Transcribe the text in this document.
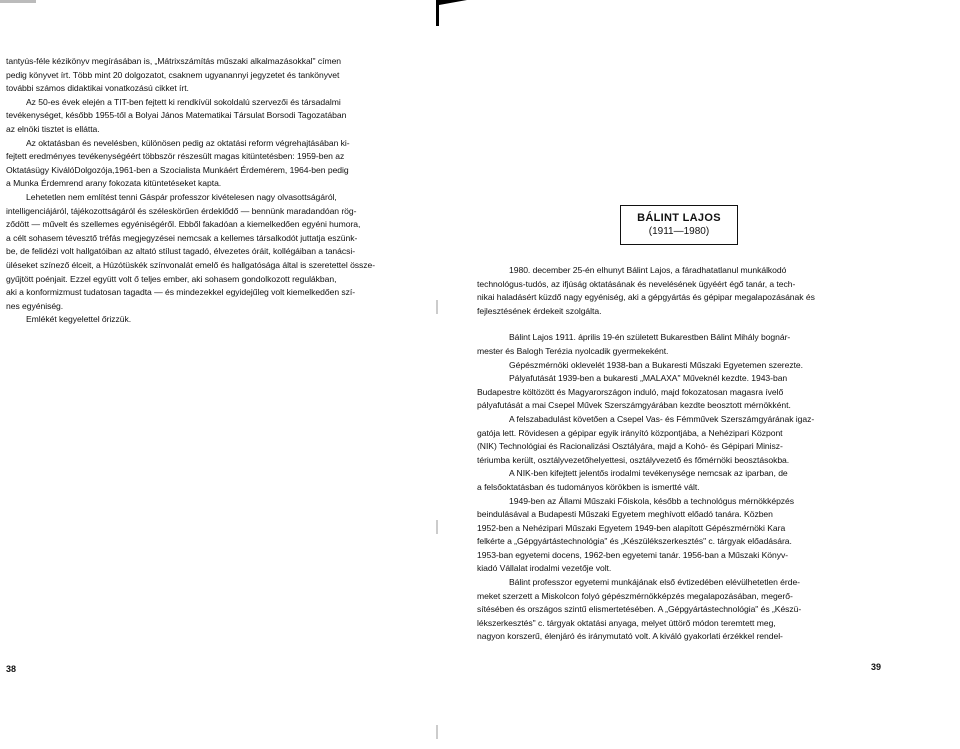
tantyús-féle kézikönyv megírásában is, „Mátrixszámítás műszaki alkalmazásokkal" címen

pedig könyvet írt. Több mint 20 dolgozatot, csaknem ugyanannyi jegyzetet és tankönyvet

további számos didaktikai vonatkozású cikket írt.

Az 50-es évek elején a TIT-ben fejtett ki rendkívül sokoldalú szervezői és társadalmi

tevékenységet, később 1955-től a Bolyai János Matematikai Társulat Borsodi Tagozatában

az elnöki tisztet is ellátta.

Az oktatásban és nevelésben, különösen pedig az oktatási reform végrehajtásában ki-

fejtett eredményes tevékenységéért többször részesült magas kitüntetésben: 1959-ben az

Oktatásügy KiválóDolgozója,1961-ben a Szocialista Munkáért Érdemérem, 1964-ben pedig

a Munka Érdemrend arany fokozata kitüntetéseket kapta.

Lehetetlen nem említést tenni Gáspár professzor kivételesen nagy olvasottságáról,

intelligenciájáról, tájékozottságáról és széleskörűen érdeklődő — bennünk maradandóan rög-

ződött — művelt és szellemes egyéniségéről. Ebből fakadóan a kiemelkedően egyéni humora,

a célt sohasem tévesztő tréfás megjegyzései nemcsak a kellemes társalkodót juttatja eszünk-

be, de felidézi volt hallgatóiban az altató stílust tagadó, élvezetes óráit, kollégáiban a tanácsi-

üléseket színező élceit, a Húzótüskék színvonalát emelő és hallgatósága által is szeretettel össze-

gyűjtött poénjait. Ezzel együtt volt ő teljes ember, aki sohasem gondolkozott regulákban,

aki a konformizmust tudatosan tagadta — és mindezekkel egyidejűleg volt kiemelkedően szí-

nes egyéniség.

Emlékét kegyelettel őrizzük.

38
BÁLINT LAJOS
(1911—1980)

1980. december 25-én elhunyt Bálint Lajos, a fáradhatatlanul munkálkodó

technológus-tudós, az ifjúság oktatásának és nevelésének ügyéért égő tanár, a tech-

nikai haladásért küzdő nagy egyéniség, aki a gépgyártás és gépipar megalapozásának és

fejlesztésének érdekeit szolgálta.

Bálint Lajos 1911. április 19-én született Bukarestben Bálint Mihály bognár-

mester és Balogh Terézia nyolcadik gyermekeként.

Gépészmérnöki oklevelét 1938-ban a Bukaresti Műszaki Egyetemen szerezte.

Pályafutását 1939-ben a bukaresti „MALAXA" Műveknél kezdte. 1943-ban

Budapestre költözött és Magyarországon induló, majd fokozatosan magasra ívelő

pályafutását a mai Csepel Művek Szerszámgyárában kezdte beosztott mérnökként.

A felszabadulást követően a Csepel Vas- és Fémművek Szerszámgyárának igaz-

gatója lett. Rövidesen a gépipar egyik irányító központjába, a Nehézipari Központ

(NIK) Technológiai és Racionalizási Osztályára, majd a Kohó- és Gépipari Minisz-

tériumba került, osztályvezetőhelyettesi, osztályvezető és főmérnöki beosztásokba.

A NIK-ben kifejtett jelentős irodalmi tevékenysége nemcsak az iparban, de

a felsőoktatásban és tudományos körökben is ismertté vált.

1949-ben az Állami Műszaki Főiskola, később a technológus mérnökképzés

beindulásával a Budapesti Műszaki Egyetem meghívott előadó tanára. Közben

1952-ben a Nehézipari Műszaki Egyetem 1949-ben alapított Gépészmérnöki Kara

felkérte a „Gépgyártástechnológia" és „Készülékszerkesztés" c. tárgyak előadására.

1953-ban egyetemi docens, 1962-ben egyetemi tanár. 1956-ban a Műszaki Könyv-

kiadó Vállalat irodalmi vezetője volt.

Bálint professzor egyetemi munkájának első évtizedében elévülhetetlen érde-

meket szerzett a Miskolcon folyó gépészmérnökképzés megalapozásában, megerő-

sítésében és országos szintű elismertetésében. A „Gépgyártástechnológia" és „Készü-

lékszerkesztés" c. tárgyak oktatási anyaga, melyet úttörő módon teremtett meg,

nagyon korszerű, élenjáró és iránymutató volt. A kiváló gyakorlati érzékkel rendel-

39
